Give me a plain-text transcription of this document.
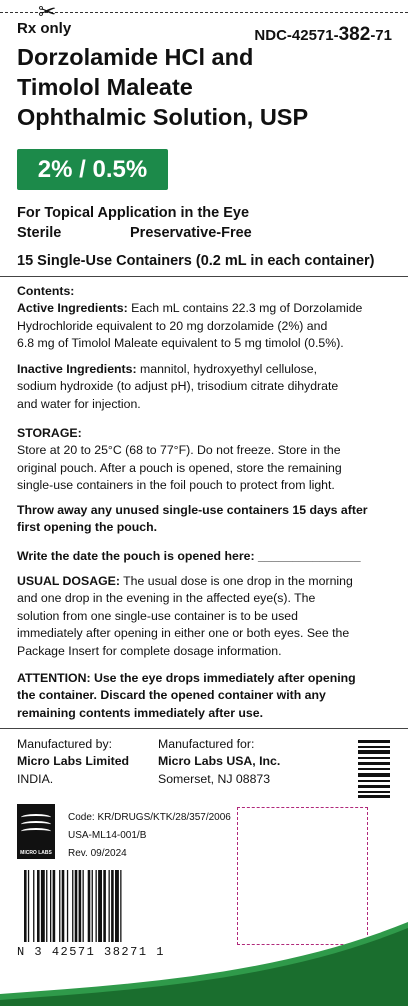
✂
Rx only	NDC-42571-382-71
Dorzolamide HCl and
Timolol Maleate
Ophthalmic Solution, USP
2% / 0.5%
For Topical Application in the Eye
Sterile	Preservative-Free
15 Single-Use Containers (0.2 mL in each container)
Contents:
Active Ingredients: Each mL contains 22.3 mg of Dorzolamide
Hydrochloride equivalent to 20 mg dorzolamide (2%) and
6.8 mg of Timolol Maleate equivalent to 5 mg timolol (0.5%).
Inactive Ingredients: mannitol, hydroxyethyl cellulose,
sodium hydroxide (to adjust pH), trisodium citrate dihydrate
and water for injection.
STORAGE:
Store at 20 to 25°C (68 to 77°F). Do not freeze. Store in the
original pouch. After a pouch is opened, store the remaining
single-use containers in the foil pouch to protect from light.
Throw away any unused single-use containers 15 days after
first opening the pouch.
Write the date the pouch is opened here: _______________
USUAL DOSAGE: The usual dose is one drop in the morning
and one drop in the evening in the affected eye(s). The
solution from one single-use container is to be used
immediately after opening in either one or both eyes. See the
Package Insert for complete dosage information.
ATTENTION: Use the eye drops immediately after opening
the container. Discard the opened container with any
remaining contents immediately after use.
Manufactured by:
Micro Labs Limited
INDIA.
Manufactured for:
Micro Labs USA, Inc.
Somerset, NJ 08873
MICRO LABS
Code: KR/DRUGS/KTK/28/357/2006
USA-ML14-001/B
Rev. 09/2024
N 3 42571 38271 1
